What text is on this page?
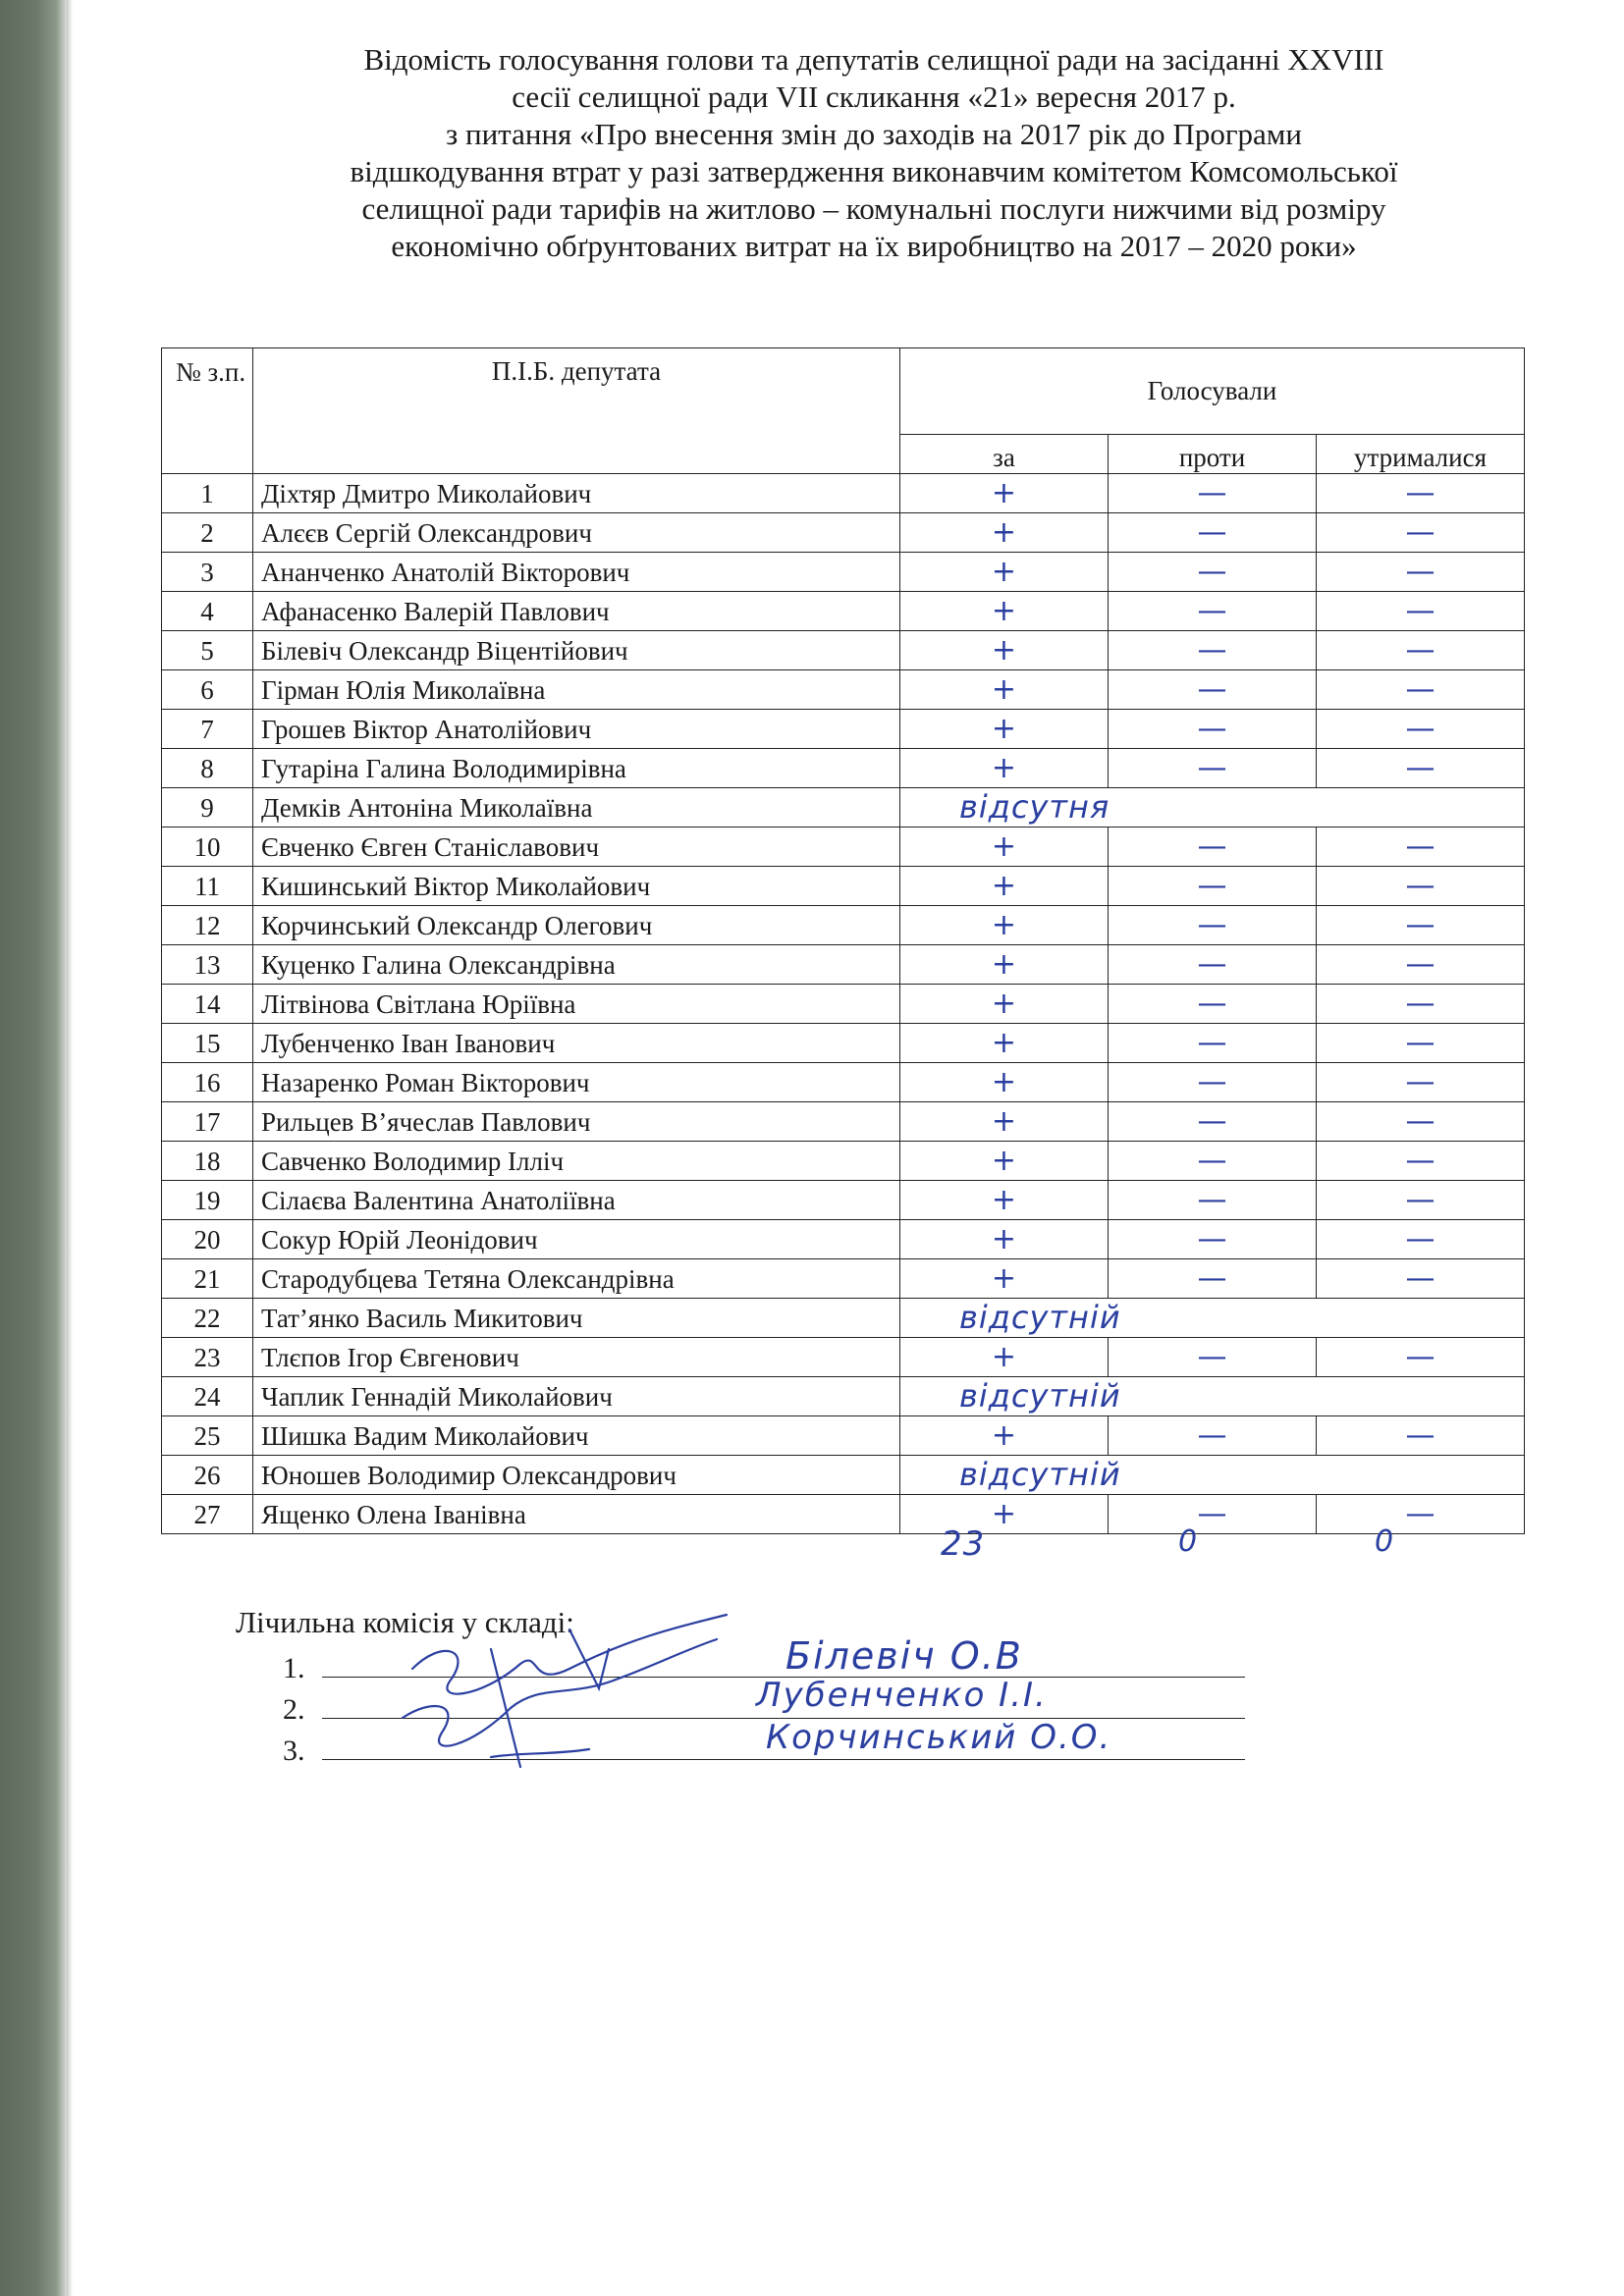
Відомість голосування голови та депутатів селищної ради на засіданні XXVIII
сесії селищної ради VII скликання «21» вересня 2017 р.
з питання «Про внесення змін до заходів на 2017 рік до Програми
відшкодування втрат у разі затвердження виконавчим комітетом Комсомольської
селищної ради тарифів на житлово – комунальні послуги нижчими від розміру
економічно обґрунтованих витрат на їх виробництво на 2017 – 2020 роки»
№ з.п.	П.І.Б. депутата	Голосували		
		за	проти	утрималися
1	Діхтяр Дмитро Миколайович	+	—	—
2	Алєєв Сергій Олександрович	+	—	—
3	Ананченко Анатолій Вікторович	+	—	—
4	Афанасенко Валерій Павлович	+	—	—
5	Білевіч Олександр Віцентійович	+	—	—
6	Гірман Юлія Миколаївна	+	—	—
7	Грошев Віктор Анатолійович	+	—	—
8	Гутаріна Галина Володимирівна	+	—	—
9	Демків Антоніна Миколаївна	відсутня		
10	Євченко Євген Станіславович	+	—	—
11	Кишинський Віктор Миколайович	+	—	—
12	Корчинський Олександр Олегович	+	—	—
13	Куценко Галина Олександрівна	+	—	—
14	Літвінова Світлана Юріївна	+	—	—
15	Лубенченко Іван Іванович	+	—	—
16	Назаренко Роман Вікторович	+	—	—
17	Рильцев В’ячеслав Павлович	+	—	—
18	Савченко Володимир Ілліч	+	—	—
19	Сілаєва Валентина Анатоліївна	+	—	—
20	Сокур Юрій Леонідович	+	—	—
21	Стародубцева Тетяна Олександрівна	+	—	—
22	Тат’янко Василь Микитович	відсутній		
23	Тлєпов Ігор Євгенович	+	—	—
24	Чаплик Геннадій Миколайович	відсутній		
25	Шишка Вадим Миколайович	+	—	—
26	Юношев Володимир Олександрович	відсутній		
27	Ященко Олена Іванівна	+	—	—
23	0	0
Лічильна комісія у складі:
1.
2.
3.
Білевіч О.В
Лубенченко І.І.
Корчинський О.О.
